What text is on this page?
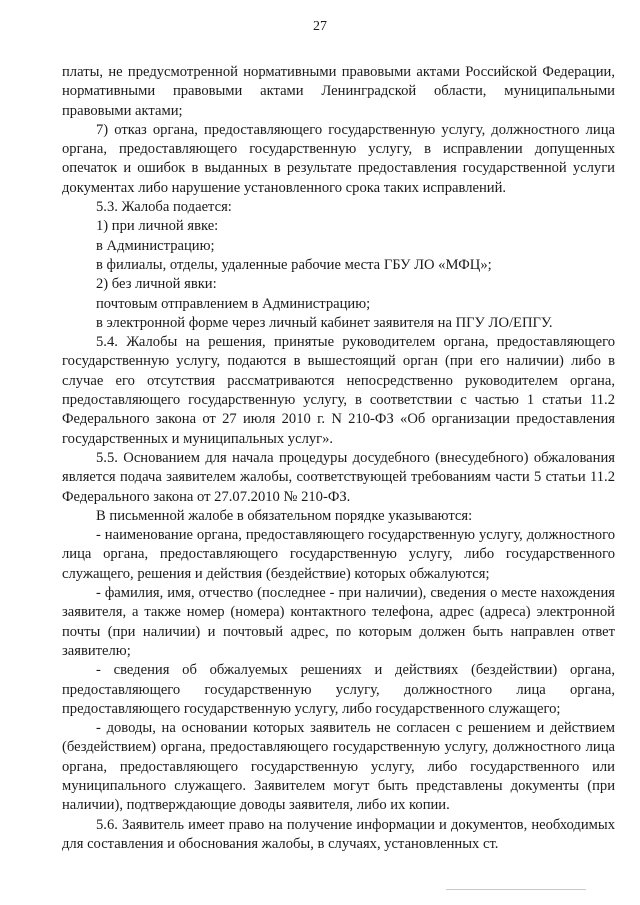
27

платы, не предусмотренной нормативными правовыми актами Российской Федерации, нормативными правовыми актами Ленинградской области, муниципальными правовыми актами;

7) отказ органа, предоставляющего государственную услугу, должностного лица органа, предоставляющего государственную услугу, в исправлении допущенных опечаток и ошибок в выданных в результате предоставления государственной услуги документах либо нарушение установленного срока таких исправлений.

5.3. Жалоба подается:

1) при личной явке:

в Администрацию;

в филиалы, отделы, удаленные рабочие места ГБУ ЛО «МФЦ»;

2) без личной явки:

почтовым отправлением в Администрацию;

в электронной форме через личный кабинет заявителя на ПГУ ЛО/ЕПГУ.

5.4. Жалобы на решения, принятые руководителем органа, предоставляющего государственную услугу, подаются в вышестоящий орган (при его наличии) либо в случае его отсутствия рассматриваются непосредственно руководителем органа, предоставляющего государственную услугу, в соответствии с частью 1 статьи 11.2 Федерального закона от 27 июля 2010 г. N 210-ФЗ «Об организации предоставления государственных и муниципальных услуг».

5.5. Основанием для начала процедуры досудебного (внесудебного) обжалования является подача заявителем жалобы, соответствующей требованиям части 5 статьи 11.2 Федерального закона от 27.07.2010 № 210-ФЗ.

В письменной жалобе в обязательном порядке указываются:

- наименование органа, предоставляющего государственную услугу, должностного лица органа, предоставляющего государственную услугу, либо государственного служащего, решения и действия (бездействие) которых обжалуются;

- фамилия, имя, отчество (последнее - при наличии), сведения о месте нахождения заявителя, а также номер (номера) контактного телефона, адрес (адреса) электронной почты (при наличии) и почтовый адрес, по которым должен быть направлен ответ заявителю;

- сведения об обжалуемых решениях и действиях (бездействии) органа, предоставляющего государственную услугу, должностного лица органа, предоставляющего государственную услугу, либо государственного служащего;

- доводы, на основании которых заявитель не согласен с решением и действием (бездействием) органа, предоставляющего государственную услугу, должностного лица органа, предоставляющего государственную услугу, либо государственного или муниципального служащего. Заявителем могут быть представлены документы (при наличии), подтверждающие доводы заявителя, либо их копии.

5.6. Заявитель имеет право на получение информации и документов, необходимых для составления и обоснования жалобы, в случаях, установленных ст.
